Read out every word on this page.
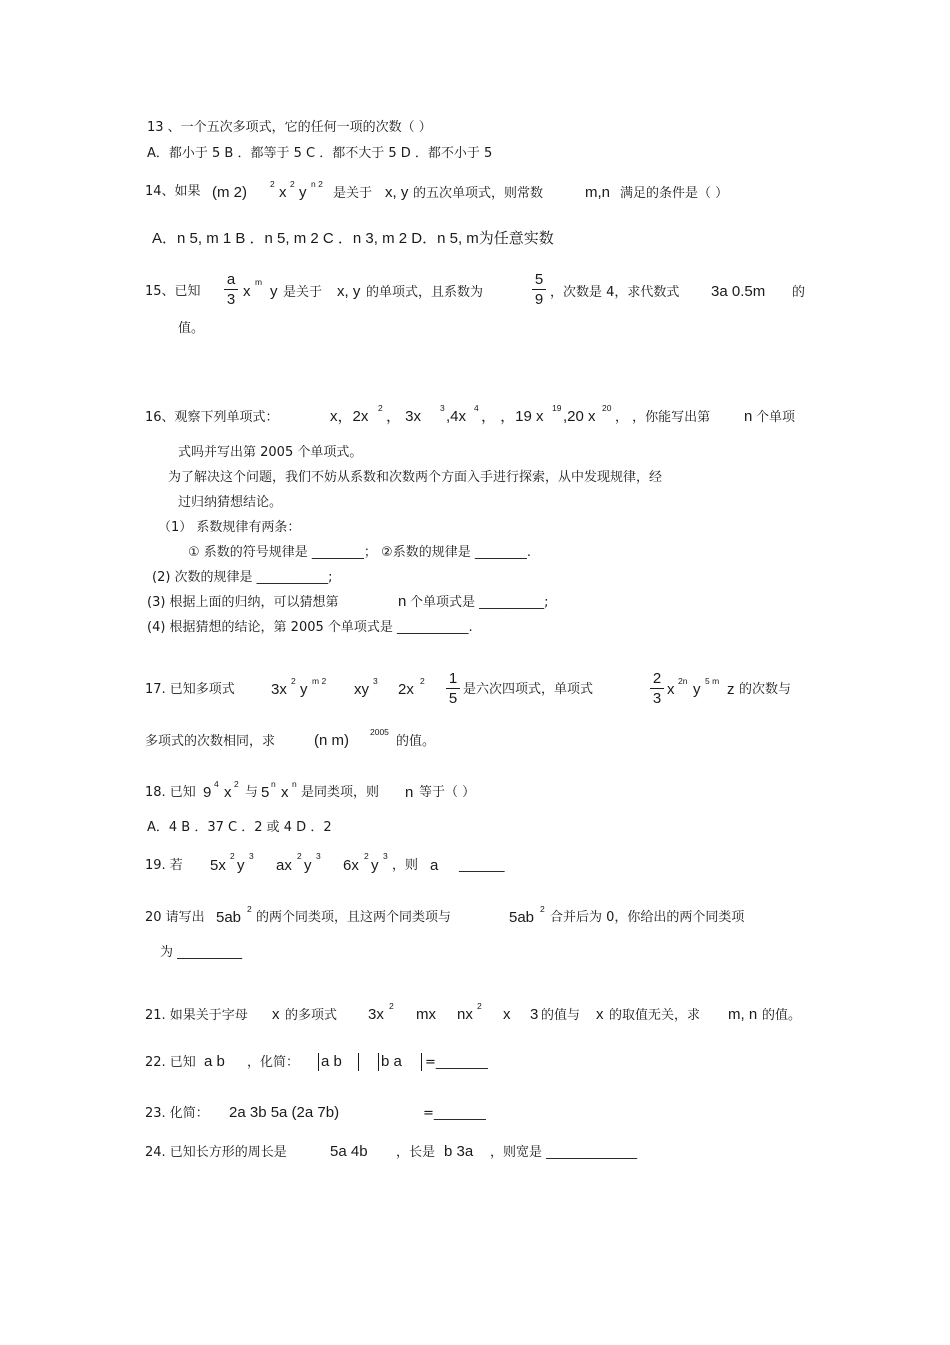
13 、一个五次多项式，它的任何一项的次数（ ）
A．都小于 5 B ．都等于 5 C ．都不大于 5 D ．都不小于 5
14、如果 (m 2)	2 x 2 y n 2
是关于 x, y 的五次单项式，则常数	m,n 满足的条件是（ ）
A．n 5, m 1 B ．n 5, m 2 C ．n 3, m 2 D．n 5, m为任意实数
15、已知
a
3 x
m
y 是关于 x, y 的单项式，且系数为
5
9 ，次数是 4，求代数式 3a 0.5m 的
值。
16、观察下列单项式：	x，2x 2 ， 3x 3 ,4x 4 ， ，19 x 19 ,20 x 20
， ，你能写出第 n 个单项
式吗并写出第 2005 个单项式。
为了解决这个问题，我们不妨从系数和次数两个方面入手进行探索，从中发现规律，经
过归纳猜想结论。
（1） 系数规律有两条：
① 系数的符号规律是 ________； ②系数的规律是 ________.
(2) 次数的规律是 ___________;
(3) 根据上面的归纳，可以猜想第	n 个单项式是 __________;
(4) 根据猜想的结论，第 2005 个单项式是 ___________.
17. 已知多项式 3x 2 y m 2 xy 3 2x 2 1
5
是六次四项式，单项式
2
3
x 2n y 5 m z 的次数与
多项式的次数相同，求	(n m) 2005
的值。
18. 已知 9 4 x 2
与 5 n x n
是同类项，则 n 等于（ ）
A．4 B ．37 C ．2 或 4 D ．2
19. 若 5x
2
y
3
ax
2
y
3
6x
2
y
3
，则 a _______
20 请写出 5ab 2
的两个同类项，且这两个同类项与	5ab 2
合并后为 0，你给出的两个同类项
为 __________
21. 如果关于字母 x 的多项式 3x 2 mx nx 2 x 3 的值与 x 的取值无关，求 m, n 的值。
22. 已知 a b ，化简： a b	b a =________
23. 化简： 2a 3b 5a (2a 7b)	=________
24. 已知长方形的周长是	5a 4b ，长是 b 3a ，则宽是 ______________
